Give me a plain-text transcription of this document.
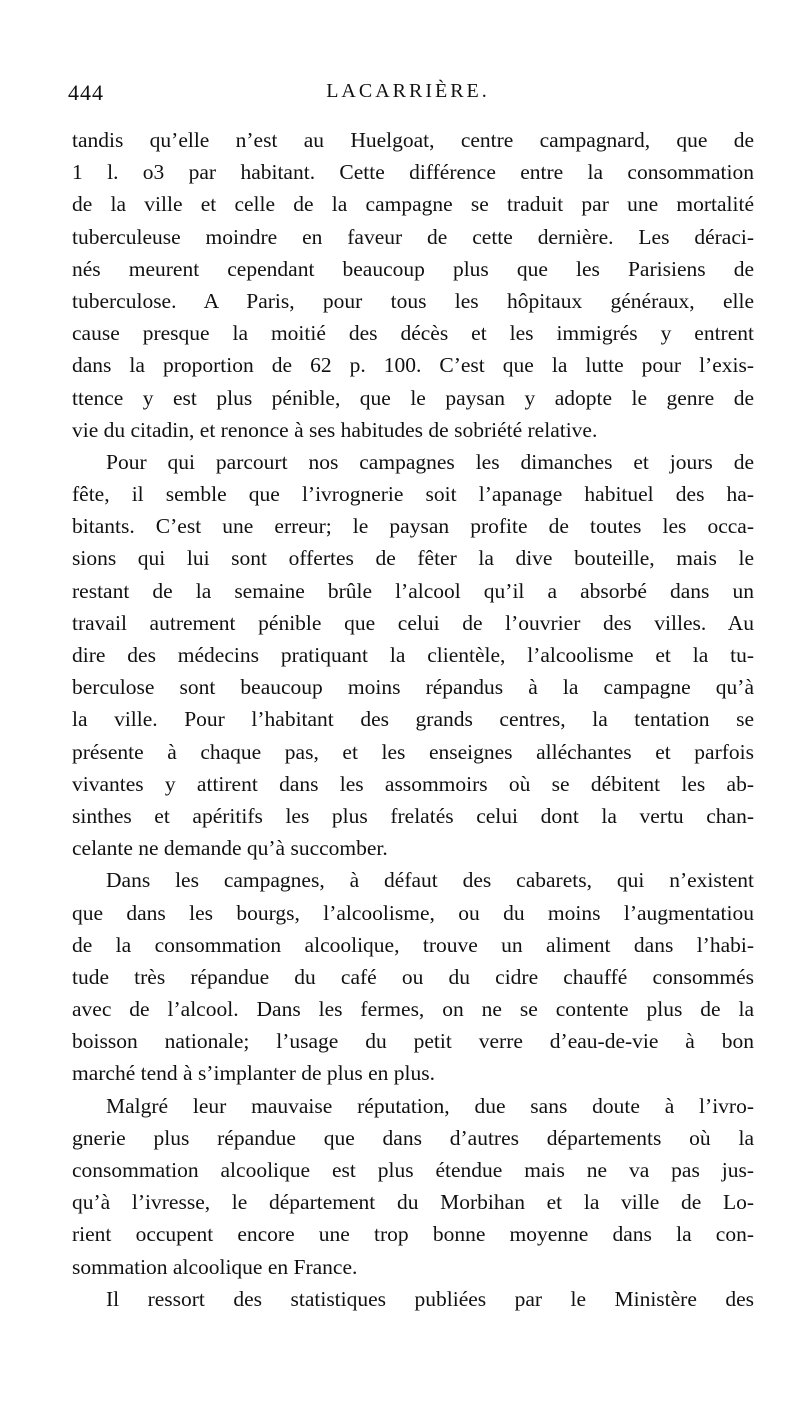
444	LACARRIÈRE.
tandis qu’elle n’est au Huelgoat, centre campagnard, que de
1 l. o3 par habitant. Cette différence entre la consommation
de la ville et celle de la campagne se traduit par une mortalité
tuberculeuse moindre en faveur de cette dernière. Les déraci-
nés meurent cependant beaucoup plus que les Parisiens de
tuberculose. A Paris, pour tous les hôpitaux généraux, elle
cause presque la moitié des décès et les immigrés y entrent
dans la proportion de 62 p. 100. C’est que la lutte pour l’exis-
ttence y est plus pénible, que le paysan y adopte le genre de
vie du citadin, et renonce à ses habitudes de sobriété relative.
Pour qui parcourt nos campagnes les dimanches et jours de
fête, il semble que l’ivrognerie soit l’apanage habituel des ha-
bitants. C’est une erreur; le paysan profite de toutes les occa-
sions qui lui sont offertes de fêter la dive bouteille, mais le
restant de la semaine brûle l’alcool qu’il a absorbé dans un
travail autrement pénible que celui de l’ouvrier des villes. Au
dire des médecins pratiquant la clientèle, l’alcoolisme et la tu-
berculose sont beaucoup moins répandus à la campagne qu’à
la ville. Pour l’habitant des grands centres, la tentation se
présente à chaque pas, et les enseignes alléchantes et parfois
vivantes y attirent dans les assommoirs où se débitent les ab-
sinthes et apéritifs les plus frelatés celui dont la vertu chan-
celante ne demande qu’à succomber.
Dans les campagnes, à défaut des cabarets, qui n’existent
que dans les bourgs, l’alcoolisme, ou du moins l’augmentatiou
de la consommation alcoolique, trouve un aliment dans l’habi-
tude très répandue du café ou du cidre chauffé consommés
avec de l’alcool. Dans les fermes, on ne se contente plus de la
boisson nationale; l’usage du petit verre d’eau-de-vie à bon
marché tend à s’implanter de plus en plus.
Malgré leur mauvaise réputation, due sans doute à l’ivro-
gnerie plus répandue que dans d’autres départements où la
consommation alcoolique est plus étendue mais ne va pas jus-
qu’à l’ivresse, le département du Morbihan et la ville de Lo-
rient occupent encore une trop bonne moyenne dans la con-
sommation alcoolique en France.
Il ressort des statistiques publiées par le Ministère des
